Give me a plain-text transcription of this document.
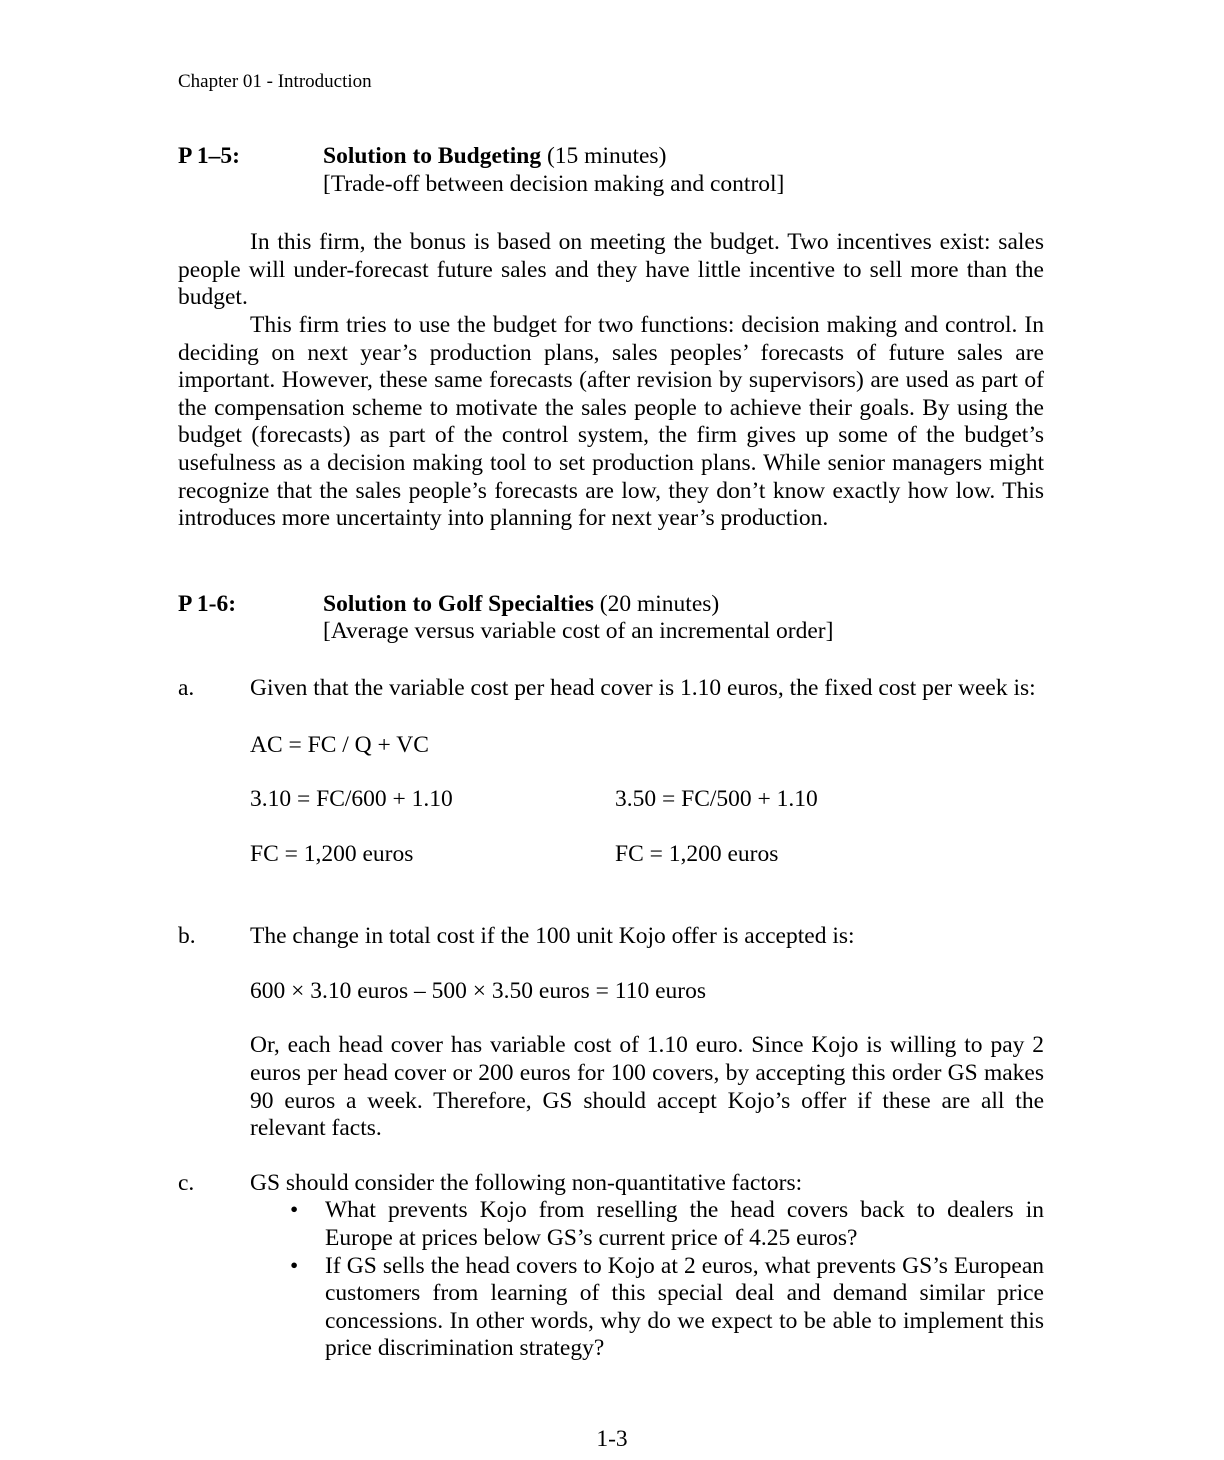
Chapter 01 - Introduction
P 1–5:	Solution to Budgeting (15 minutes)
[Trade-off between decision making and control]
In this firm, the bonus is based on meeting the budget. Two incentives exist: sales people will under-forecast future sales and they have little incentive to sell more than the budget.
This firm tries to use the budget for two functions: decision making and control. In deciding on next year’s production plans, sales peoples’ forecasts of future sales are important. However, these same forecasts (after revision by supervisors) are used as part of the compensation scheme to motivate the sales people to achieve their goals. By using the budget (forecasts) as part of the control system, the firm gives up some of the budget’s usefulness as a decision making tool to set production plans. While senior managers might recognize that the sales people’s forecasts are low, they don’t know exactly how low. This introduces more uncertainty into planning for next year’s production.
P 1-6:	Solution to Golf Specialties (20 minutes)
[Average versus variable cost of an incremental order]
a.	Given that the variable cost per head cover is 1.10 euros, the fixed cost per week is:
AC = FC / Q + VC
3.10 = FC/600 + 1.10	3.50 = FC/500 + 1.10
FC = 1,200 euros	FC = 1,200 euros
b.	The change in total cost if the 100 unit Kojo offer is accepted is:
600 × 3.10 euros – 500 × 3.50 euros = 110 euros
Or, each head cover has variable cost of 1.10 euro. Since Kojo is willing to pay 2 euros per head cover or 200 euros for 100 covers, by accepting this order GS makes 90 euros a week. Therefore, GS should accept Kojo’s offer if these are all the relevant facts.
c.	GS should consider the following non-quantitative factors:
•
What prevents Kojo from reselling the head covers back to dealers in Europe at prices below GS’s current price of 4.25 euros?
•
If GS sells the head covers to Kojo at 2 euros, what prevents GS’s European customers from learning of this special deal and demand similar price concessions. In other words, why do we expect to be able to implement this price discrimination strategy?
1-3
